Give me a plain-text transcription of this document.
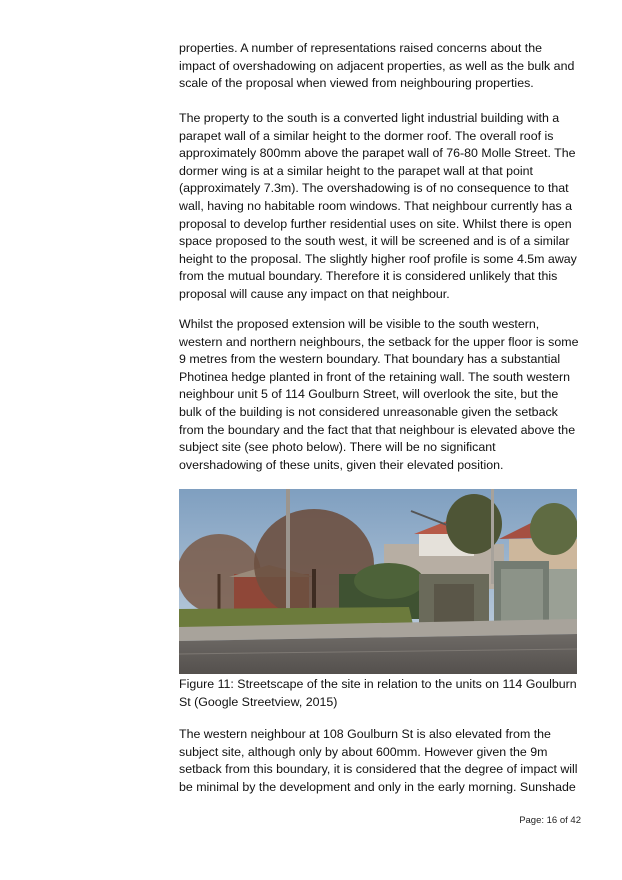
properties. A number of representations raised concerns about the impact of overshadowing on adjacent properties, as well as the bulk and scale of the proposal when viewed from neighbouring properties.

The property to the south is a converted light industrial building with a parapet wall of a similar height to the dormer roof. The overall roof is approximately 800mm above the parapet wall of 76-80 Molle Street. The dormer wing is at a similar height to the parapet wall at that point (approximately 7.3m). The overshadowing is of no consequence to that wall, having no habitable room windows. That neighbour currently has a proposal to develop further residential uses on site. Whilst there is open space proposed to the south west, it will be screened and is of a similar height to the proposal. The slightly higher roof profile is some 4.5m away from the mutual boundary. Therefore it is considered unlikely that this proposal will cause any impact on that neighbour.

Whilst the proposed extension will be visible to the south western, western and northern neighbours, the setback for the upper floor is some 9 metres from the western boundary. That boundary has a substantial Photinea hedge planted in front of the retaining wall. The south western neighbour unit 5 of 114 Goulburn Street, will overlook the site, but the bulk of the building is not considered unreasonable given the setback from the boundary and the fact that that neighbour is elevated above the subject site (see photo below). There will be no significant overshadowing of these units, given their elevated position.

Figure 11: Streetscape of the site in relation to the units on 114 Goulburn St (Google Streetview, 2015)

The western neighbour at 108 Goulburn St is also elevated from the subject site, although only by about 600mm. However given the 9m setback from this boundary, it is considered that the degree of impact will be minimal by the development and only in the early morning. Sunshade

Page: 16 of 42
